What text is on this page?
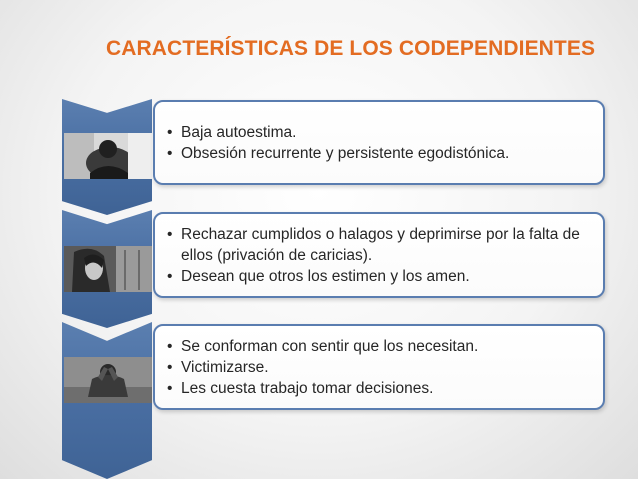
CARACTERÍSTICAS DE LOS CODEPENDIENTES
• Baja autoestima.
• Obsesión recurrente y persistente egodistónica.
• Rechazar cumplidos o halagos y deprimirse por la falta de ellos (privación de caricias).
• Desean que otros los estimen y los amen.
• Se conforman con sentir que los necesitan.
• Victimizarse.
• Les cuesta trabajo tomar decisiones.
